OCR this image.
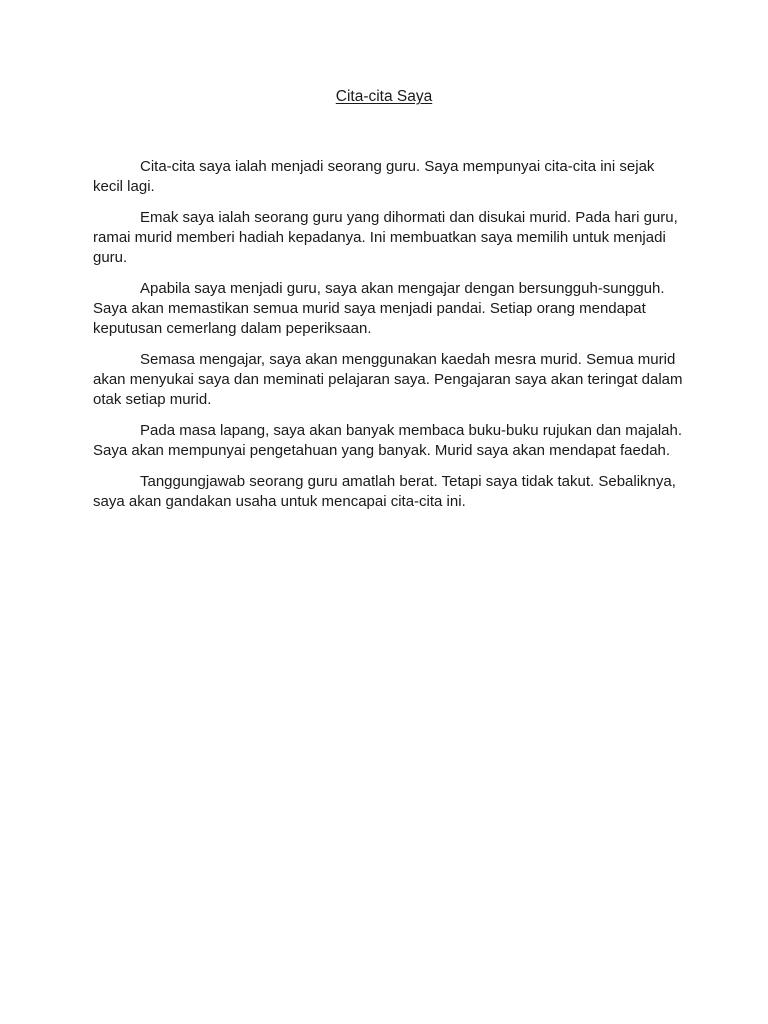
Cita-cita Saya

Cita-cita saya ialah menjadi seorang guru. Saya mempunyai cita-cita ini sejak kecil lagi.

Emak saya ialah seorang guru yang dihormati dan disukai murid. Pada hari guru, ramai murid memberi hadiah kepadanya. Ini membuatkan saya memilih untuk menjadi guru.

Apabila saya menjadi guru, saya akan mengajar dengan bersungguh-sungguh. Saya akan memastikan semua murid saya menjadi pandai. Setiap orang mendapat keputusan cemerlang dalam peperiksaan.

Semasa mengajar, saya akan menggunakan kaedah mesra murid. Semua murid akan menyukai saya dan meminati pelajaran saya. Pengajaran saya akan teringat dalam otak setiap murid.

Pada masa lapang, saya akan banyak membaca buku-buku rujukan dan majalah. Saya akan mempunyai pengetahuan yang banyak. Murid saya akan mendapat faedah.

Tanggungjawab seorang guru amatlah berat. Tetapi saya tidak takut. Sebaliknya, saya akan gandakan usaha untuk mencapai cita-cita ini.
